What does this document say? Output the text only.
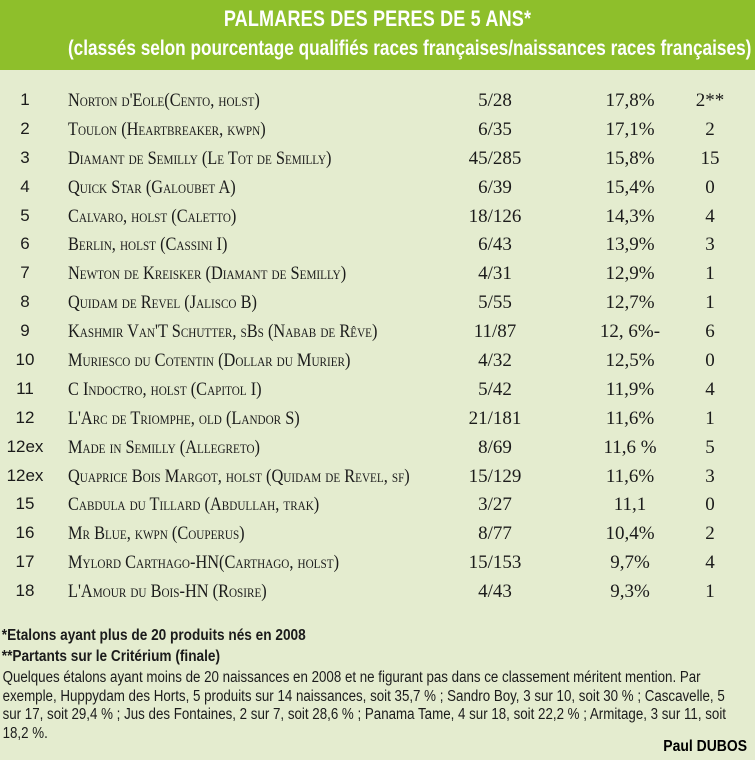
PALMARES DES PERES DE 5 ANS*
(classés selon pourcentage qualifiés races françaises/naissances races françaises)
1	Norton d'Eole(Cento, holst)	5/28	17,8%	2**
2	Toulon (Heartbreaker, kwpn)	6/35	17,1%	2
3	Diamant de Semilly (Le Tot de Semilly)	45/285	15,8%	15
4	Quick Star (Galoubet A)	6/39	15,4%	0
5	Calvaro, holst (Caletto)	18/126	14,3%	4
6	Berlin, holst (Cassini I)	6/43	13,9%	3
7	Newton de Kreisker (Diamant de Semilly)	4/31	12,9%	1
8	Quidam de Revel (Jalisco B)	5/55	12,7%	1
9	Kashmir Van'T Schutter, sBs (Nabab de Rêve)	11/87	12, 6%-	6
10	Muriesco du Cotentin (Dollar du Murier)	4/32	12,5%	0
11	C Indoctro, holst (Capitol I)	5/42	11,9%	4
12	L'Arc de Triomphe, old (Landor S)	21/181	11,6%	1
12ex	Made in Semilly (Allegreto)	8/69	11,6 %	5
12ex	Quaprice Bois Margot, holst (Quidam de Revel, sf)	15/129	11,6%	3
15	Cabdula du Tillard (Abdullah, trak)	3/27	11,1	0
16	Mr Blue, kwpn (Couperus)	8/77	10,4%	2
17	Mylord Carthago-HN(Carthago, holst)	15/153	9,7%	4
18	L'Amour du Bois-HN (Rosire)	4/43	9,3%	1
*Etalons ayant plus de 20 produits nés en 2008
**Partants sur le Critérium (finale)
Quelques étalons ayant moins de 20 naissances en 2008 et ne figurant pas dans ce classement méritent mention. Par exemple, Huppydam des Horts, 5 produits sur 14 naissances, soit 35,7 % ; Sandro Boy, 3 sur 10, soit 30 % ; Cascavelle, 5 sur 17, soit 29,4 % ; Jus des Fontaines, 2 sur 7, soit 28,6 % ; Panama Tame, 4 sur 18, soit 22,2 % ; Armitage, 3 sur 11, soit 18,2 %.
Paul DUBOS
